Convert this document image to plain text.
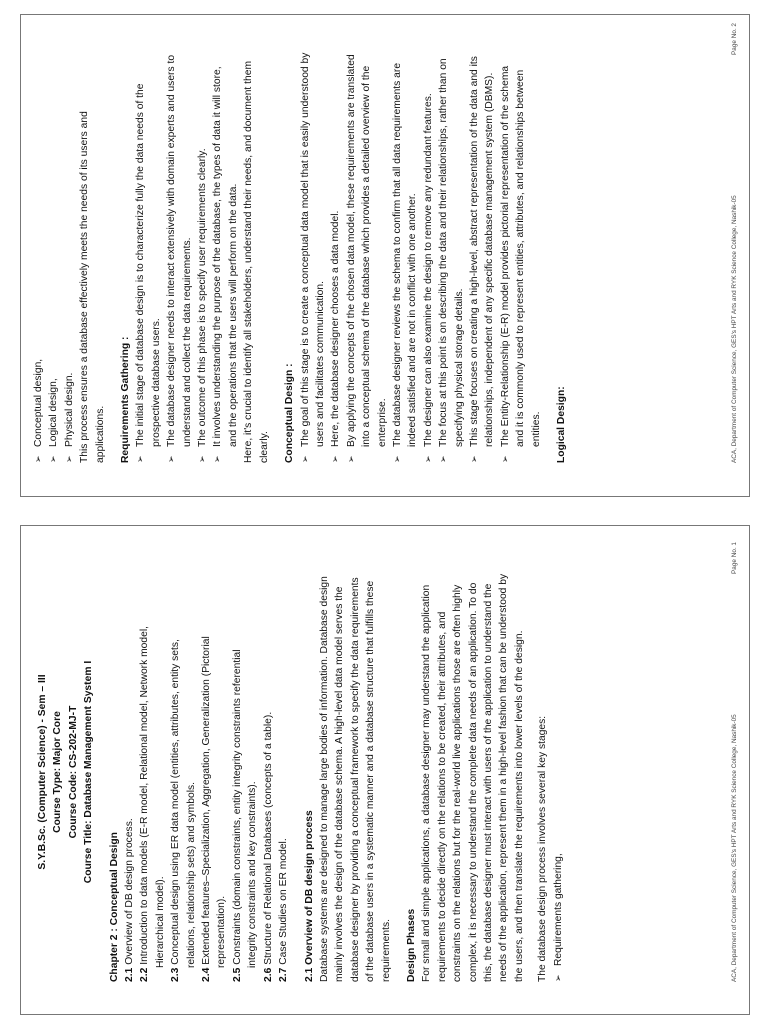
➢ Conceptual design, ➢ Logical design, ➢ Physical design. This process ensures a database effectively meets the needs of its users and applications. Requirements Gathering : ➢ The initial stage of database design is to characterize fully the data needs of the prospective database users. ➢ The database designer needs to interact extensively with domain experts and users to understand and collect the data requirements. ➢ The outcome of this phase is to specify user requirements clearly. ➢ It involves understanding the purpose of the database, the types of data it will store, and the operations that the users will perform on the data. Here, it's crucial to identify all stakeholders, understand their needs, and document them clearly. Conceptual Design : ➢ The goal of this stage is to create a conceptual data model that is easily understood by users and facilitates communication. ➢ Here, the database designer chooses a data model. ➢ By applying the concepts of the chosen data model, these requirements are translated into a conceptual schema of the database which provides a detailed overview of the enterprise. ➢ The database designer reviews the schema to confirm that all data requirements are indeed satisfied and are not in conflict with one another. ➢ The designer can also examine the design to remove any redundant features. ➢ The focus at this point is on describing the data and their relationships, rather than on specifying physical storage details. ➢ This stage focuses on creating a high-level, abstract representation of the data and its relationships, independent of any specific database management system (DBMS). ➢ The Entity-Relationship (E-R) model provides pictorial representation of the schema and it is commonly used to represent entities, attributes, and relationships between entities. Logical Design:	ACA, Department of Computer Science, GES's HPT Arts and RYK Science College, Nashik-05
Page No. 2
S.Y.B.Sc. (Computer Science) - Sem – III Course Type: Major Core Course Code: CS-202-MJ-T Course Title: Database Management System I

Chapter 2 : Conceptual Design 2.1 Overview of DB design process.
2.2 Introduction to data models (E-R model, Relational model, Network model, Hierarchical model).
2.3 Conceptual design using ER data model (entities, attributes, entity sets, relations, relationship sets) and symbols.
2.4 Extended features–Specialization, Aggregation, Generalization (Pictorial representation).
2.5 Constraints (domain constraints, entity integrity constraints referential integrity constraints and key constraints).
2.6 Structure of Relational Databases (concepts of a table).
2.7 Case Studies on ER model. 2.1 Overview of DB design process Database systems are designed to manage large bodies of information. Database design mainly involves the design of the database schema. A high-level data model serves the database designer by providing a conceptual framework to specify the data requirements of the database users in a systematic manner and a database structure that fulfills these requirements. Design Phases For small and simple applications, a database designer may understand the application requirements to decide directly on the relations to be created, their attributes, and constraints on the relations but for the real-world live applications those are often highly complex, it is necessary to understand the complete data needs of an application. To do this, the database designer must interact with users of the application to understand the needs of the application, represent them in a high-level fashion that can be understood by the users, and then translate the requirements into lower levels of the design. The database design process involves several key stages: ➢ Requirements gathering,	ACA, Department of Computer Science, GES's HPT Arts and RYK Science College, Nashik-05
Page No. 1
